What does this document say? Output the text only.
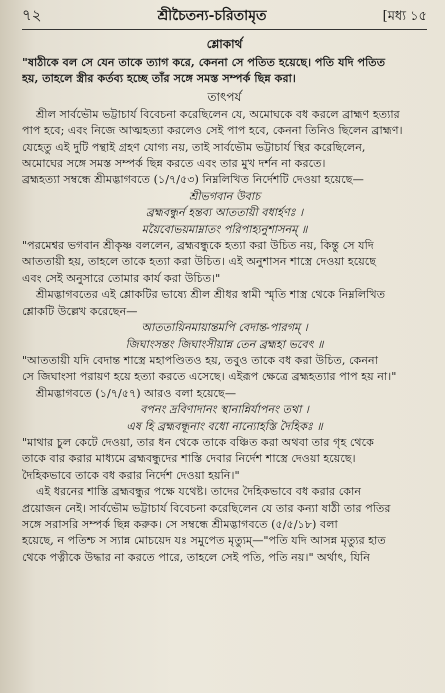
৭২	শ্রীচৈতন্য-চরিতামৃত	[মধ্য ১৫
শ্লোকার্থ
"ষাঠীকে বল সে যেন তাকে ত্যাগ করে, কেননা সে পতিত হয়েছে। পতি যদি পতিত
হয়, তাহলে স্ত্রীর কর্তব্য হচ্ছে তাঁর সঙ্গে সমস্ত সম্পর্ক ছিন্ন করা।
তাৎপর্য
শ্রীল সার্বভৌম ভট্টাচার্য বিবেচনা করেছিলেন যে, অমোঘকে বধ করলে ব্রাহ্মণ হত্যার
পাপ হবে; এবং নিজে আত্মহত্যা করলেও সেই পাপ হবে, কেননা তিনিও ছিলেন ব্রাহ্মণ।
যেহেতু এই দুটি পন্থাই গ্রহণ যোগ্য নয়, তাই সার্বভৌম ভট্টাচার্য স্থির করেছিলেন,
অমোঘের সঙ্গে সমস্ত সম্পর্ক ছিন্ন করতে এবং তার মুখ দর্শন না করতে।
ব্রহ্মহত্যা সম্বন্ধে শ্রীমদ্ভাগবতে (১/৭/৫৩) নিম্নলিখিত নির্দেশটি দেওয়া হয়েছে—
শ্রীভগবান উবাচ
ব্রহ্মবন্ধুর্ন হন্তব্য আততায়ী বধার্হণঃ ।
ময়ৈবোভয়মাম্নাতং পরিপাহ্যনুশাসনম্ ॥
"পরমেশ্বর ভগবান শ্রীকৃষ্ণ বললেন, ব্রহ্মবন্ধুকে হত্যা করা উচিত নয়, কিন্তু সে যদি
আততায়ী হয়, তাহলে তাকে হত্যা করা উচিত। এই অনুশাসন শাস্ত্রে দেওয়া হয়েছে
এবং সেই অনুসারে তোমার কার্য করা উচিত।"
শ্রীমদ্ভাগবতের এই শ্লোকটির ভাষ্যে শ্রীল শ্রীধর স্বামী স্মৃতি শাস্ত্র থেকে নিম্নলিখিত
শ্লোকটি উল্লেখ করেছেন—
আততায়িনমায়ান্তমপি বেদান্ত-পারগম্ ।
জিঘাংসন্তং জিঘাংসীয়ান্ন তেন ব্রহ্মহা ভবেৎ ॥
"আততায়ী যদি বেদান্ত শাস্ত্রে মহাপণ্ডিতও হয়, তবুও তাকে বধ করা উচিত, কেননা
সে জিঘাংসা পরায়ণ হয়ে হত্যা করতে এসেছে। এইরূপ ক্ষেত্রে ব্রহ্মহত্যার পাপ হয় না।"
শ্রীমদ্ভাগবতে (১/৭/৫৭) আরও বলা হয়েছে—
বপনং দ্রবিণাদানং স্থানান্নির্যাপনং তথা ।
এষ হি ব্রহ্মবন্ধূনাং বধো নান্যোহস্তি দৈহিকঃ ॥
"মাথার চুল কেটে দেওয়া, তার ধন থেকে তাকে বঞ্চিত করা অথবা তার গৃহ থেকে
তাকে বার করার মাধ্যমে ব্রহ্মবন্ধুদের শাস্তি দেবার নির্দেশ শাস্ত্রে দেওয়া হয়েছে।
দৈহিকভাবে তাকে বধ করার নির্দেশ দেওয়া হয়নি।"
এই ধরনের শাস্তি ব্রহ্মবন্ধুর পক্ষে যথেষ্ট। তাদের দৈহিকভাবে বধ করার কোন
প্রয়োজন নেই। সার্বভৌম ভট্টাচার্য বিবেচনা করেছিলেন যে তার কন্যা ষাঠী তার পতির
সঙ্গে সরাসরি সম্পর্ক ছিন্ন করুক। সে সম্বন্ধে শ্রীমদ্ভাগবতে (৫/৫/১৮) বলা
হয়েছে, ন পতিশ্চ স স্যান্ন মোচয়েদ যঃ সমুপেত মৃত্যুম্—"পতি যদি আসন্ন মৃত্যুর হাত
থেকে পত্নীকে উদ্ধার না করতে পারে, তাহলে সেই পতি, পতি নয়।" অর্থাৎ, যিনি
